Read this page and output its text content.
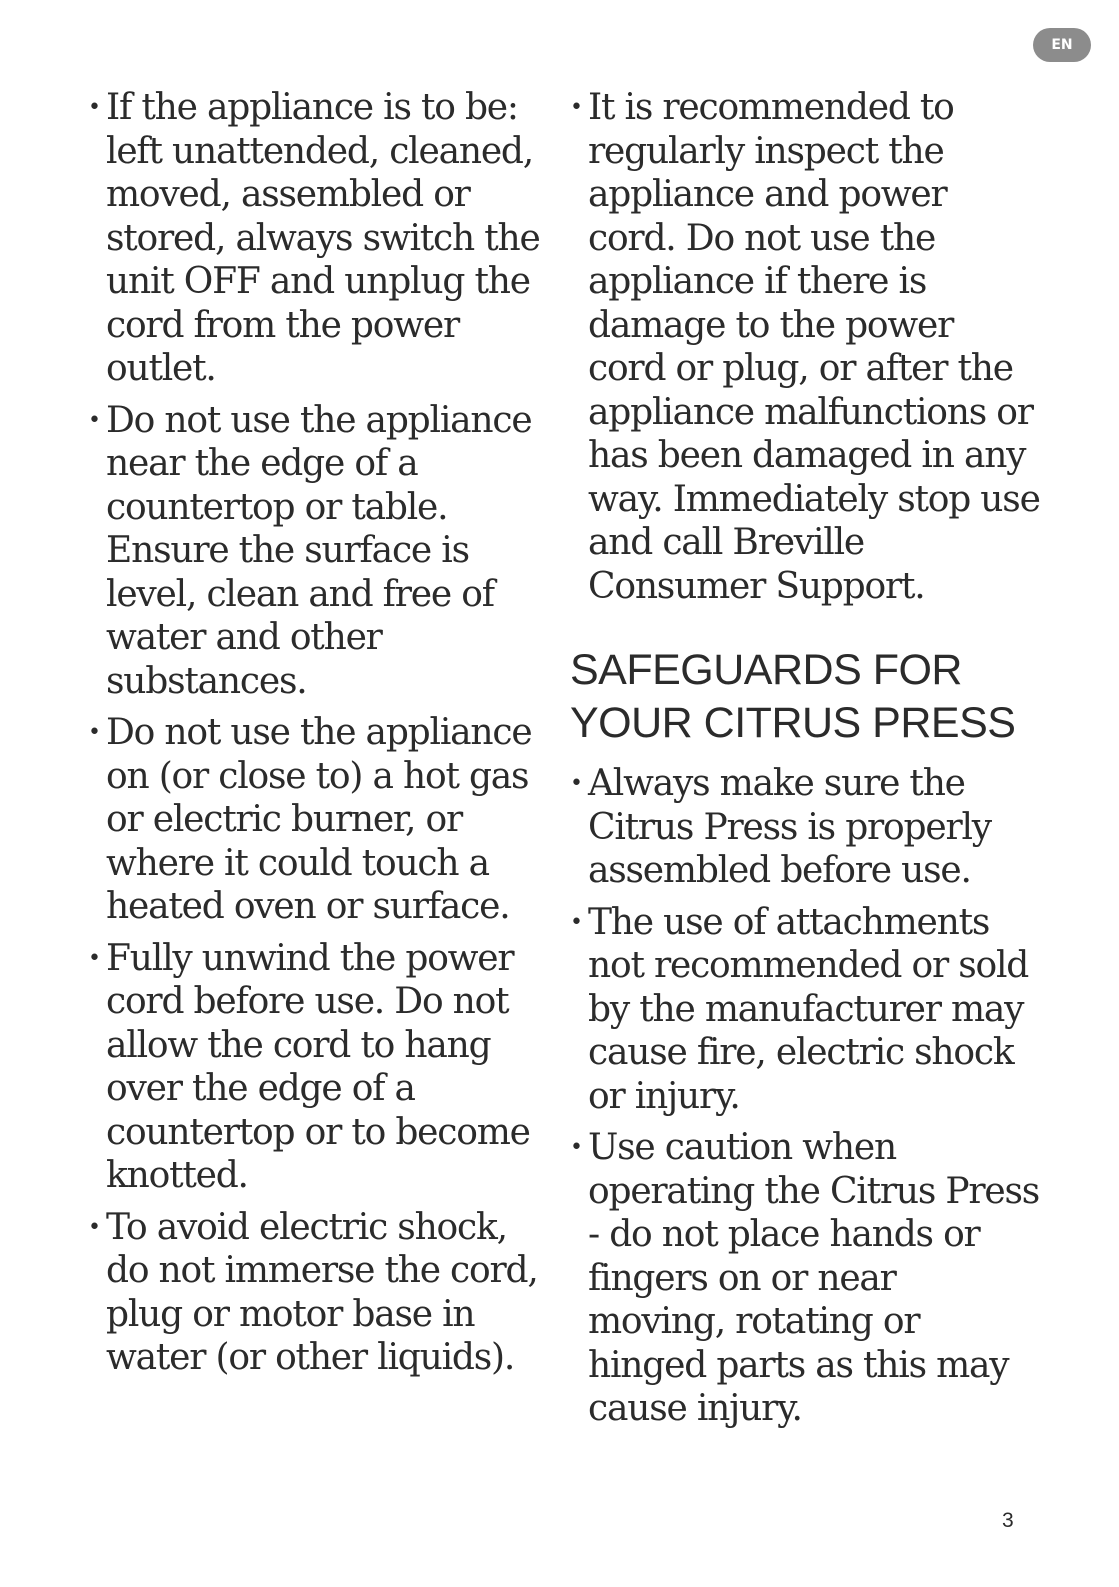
EN
• If the appliance is to be: left unattended, cleaned, moved, assembled or stored, always switch the unit OFF and unplug the cord from the power outlet.
• Do not use the appliance near the edge of a countertop or table. Ensure the surface is level, clean and free of water and other substances.
• Do not use the appliance on (or close to) a hot gas or electric burner, or where it could touch a heated oven or surface.
• Fully unwind the power cord before use. Do not allow the cord to hang over the edge of a countertop or to become knotted.
• To avoid electric shock, do not immerse the cord, plug or motor base in water (or other liquids).
• It is recommended to regularly inspect the appliance and power cord. Do not use the appliance if there is damage to the power cord or plug, or after the appliance malfunctions or has been damaged in any way. Immediately stop use and call Breville Consumer Support.
SAFEGUARDS FOR YOUR CITRUS PRESS
• Always make sure the Citrus Press is properly assembled before use.
• The use of attachments not recommended or sold by the manufacturer may cause fire, electric shock or injury.
• Use caution when operating the Citrus Press - do not place hands or fingers on or near moving, rotating or hinged parts as this may cause injury.
3
